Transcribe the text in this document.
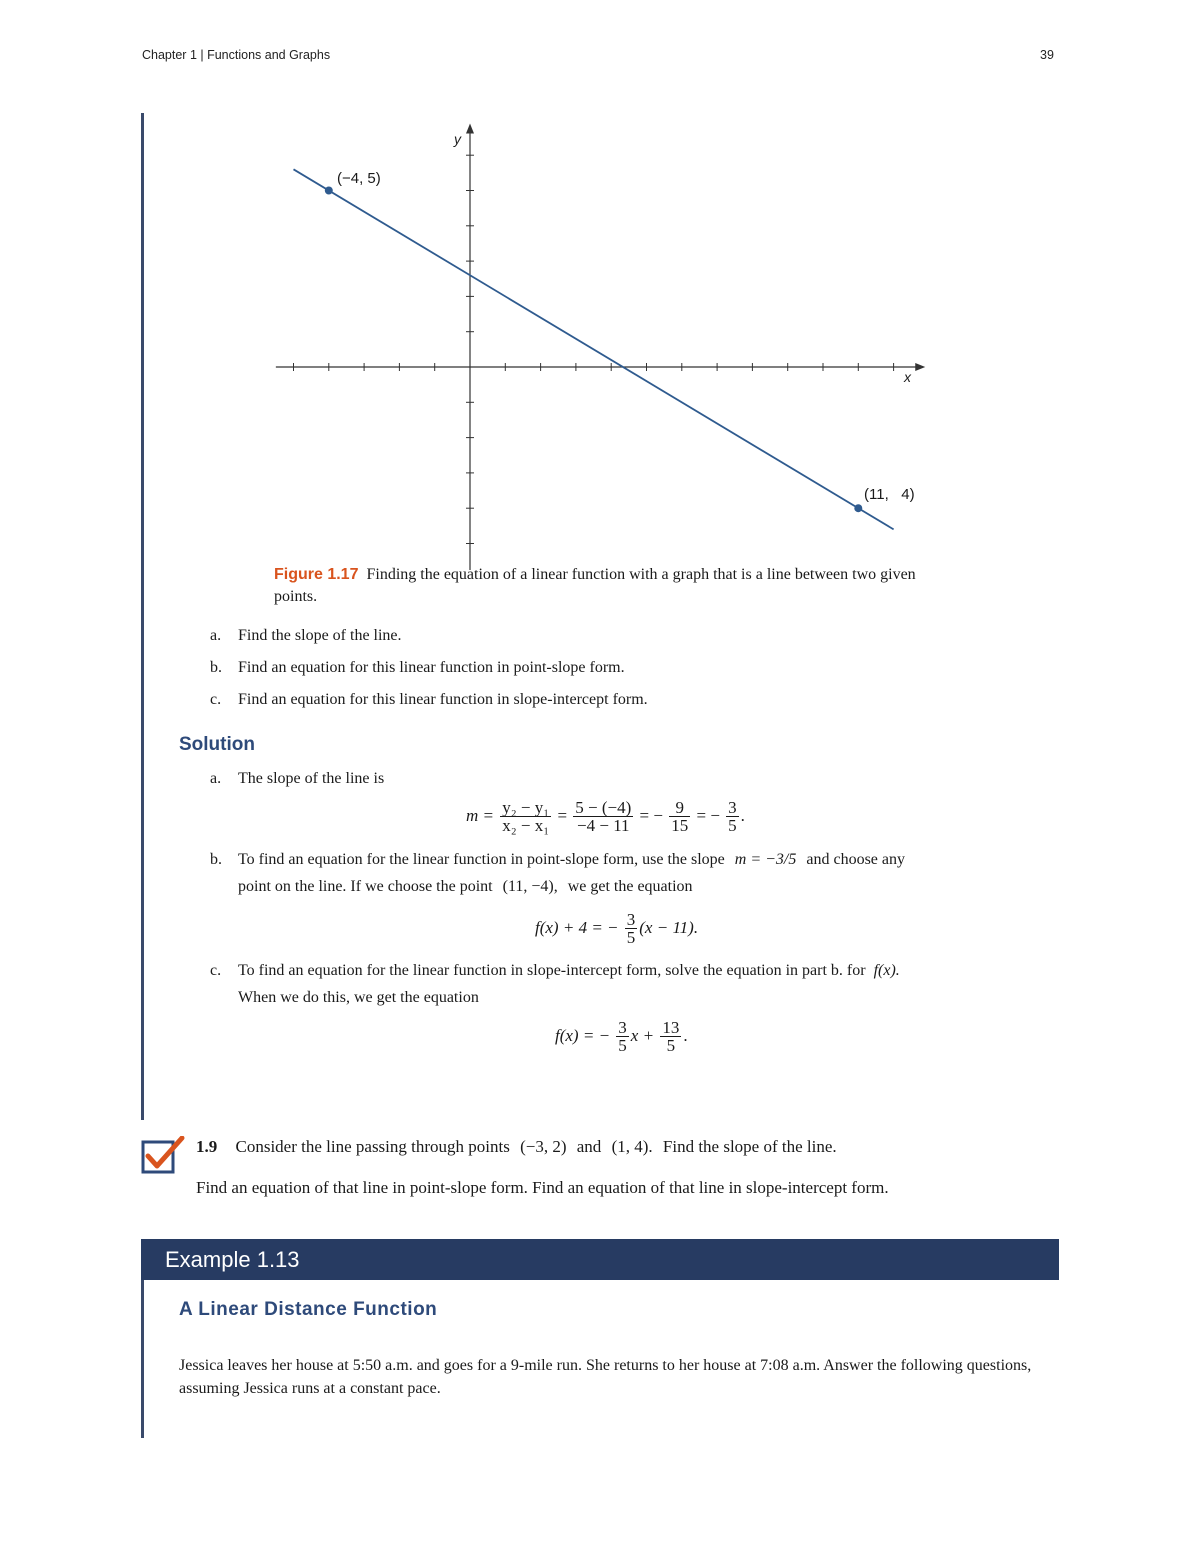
Chapter 1 | Functions and Graphs	39
(−4, 5)
(11,   4)
y
x
Figure 1.17 Finding the equation of a linear function with a graph that is a line between two given points.
a.	Find the slope of the line.
b.	Find an equation for this linear function in point-slope form.
c.	Find an equation for this linear function in slope-intercept form.
Solution
a.	The slope of the line is
$m = \frac{\text{y₂ − y₁}}{\text{x₂ − x₁}} = \frac{5 - (-4)}{-4 - 11}$ = − $\frac{9}{15}$ = − $\frac{3}{5}$ .
b.	To find an equation for the linear function in point-slope form, use the slope m = −3/5 and choose any
point on the line. If we choose the point (11, −4), we get the equation
f(x) + 4 = − $\frac{3}{5} (x - 11)$.
c.	To find an equation for the linear function in slope-intercept form, solve the equation in part b. for f(x).
When we do this, we get the equation
f(x) = − $\frac{3}{5}$ $x + \frac{13}{5}$ .
1.9 Consider the line passing through points (−3, 2) and (1, 4). Find the slope of the line.
Find an equation of that line in point-slope form. Find an equation of that line in slope-intercept form.
Example 1.13
A Linear Distance Function
Jessica leaves her house at 5:50 a.m. and goes for a 9-mile run. She returns to her house at 7:08 a.m. Answer the following questions, assuming Jessica runs at a constant pace.
